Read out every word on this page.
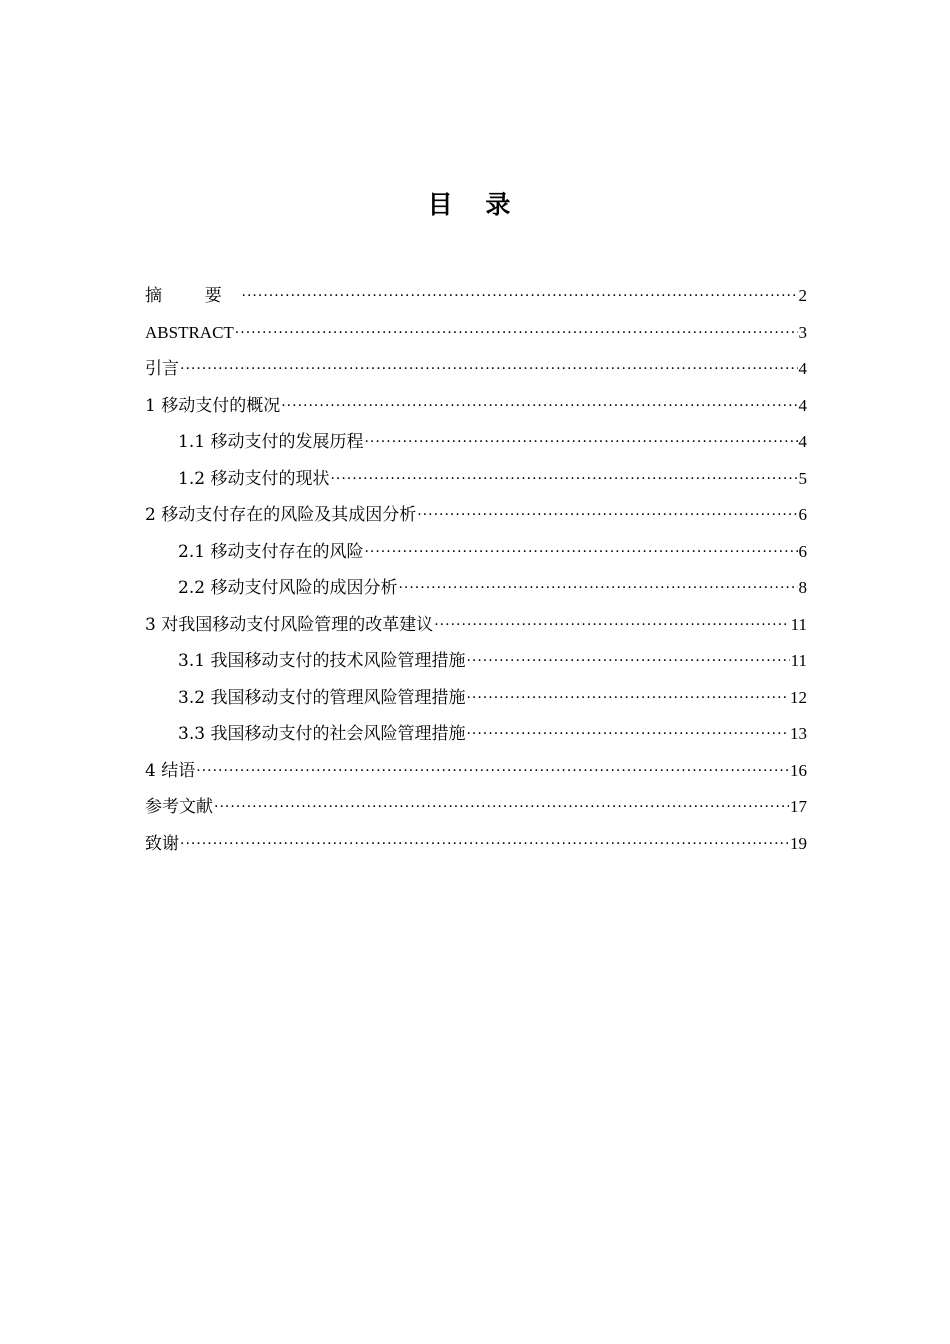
目 录
摘 要 ·····	2
ABSTRACT ·····	3
引言 ·····	4
1 移动支付的概况 ·····	4
1.1 移动支付的发展历程 ·····	4
1.2 移动支付的现状 ·····	5
2 移动支付存在的风险及其成因分析 ·····	6
2.1 移动支付存在的风险 ·····	6
2.2 移动支付风险的成因分析 ·····	8
3 对我国移动支付风险管理的改革建议 ·····	11
3.1 我国移动支付的技术风险管理措施 ·····	11
3.2 我国移动支付的管理风险管理措施 ·····	12
3.3 我国移动支付的社会风险管理措施 ·····	13
4 结语 ·····	16
参考文献 ·····	17
致谢 ·····	19
